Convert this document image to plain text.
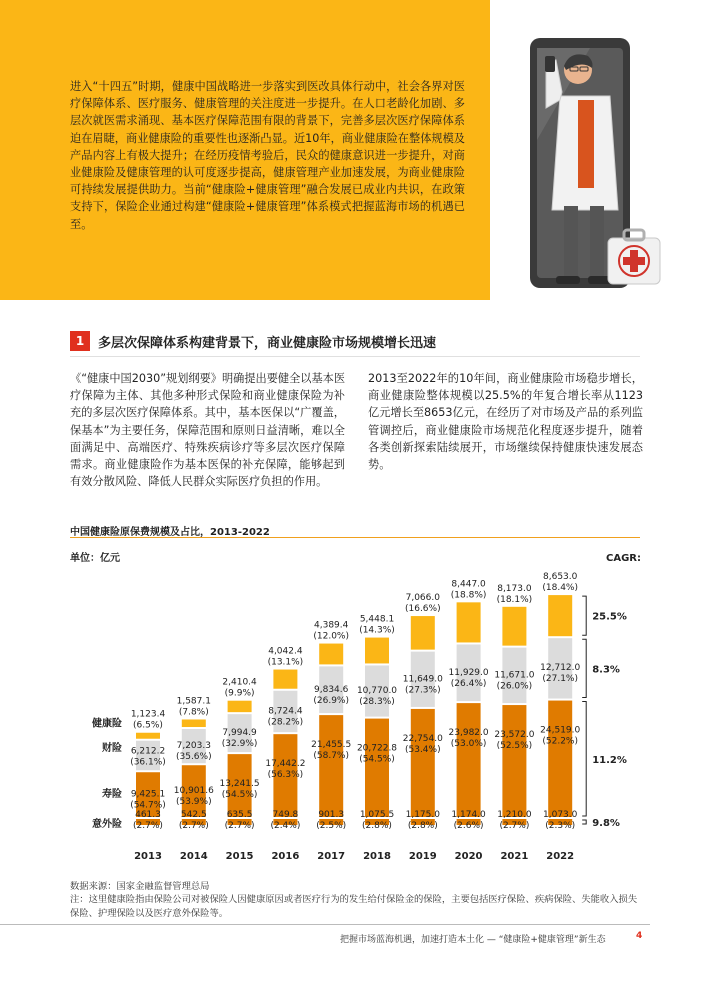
进入“十四五”时期，健康中国战略进一步落实到医改具体行动中，社会各界对医疗保障体系、医疗服务、健康管理的关注度进一步提升。在人口老龄化加剧、多层次就医需求涌现、基本医疗保障范围有限的背景下，完善多层次医疗保障体系迫在眉睫，商业健康险的重要性也逐渐凸显。近10年，商业健康险在整体规模及产品内容上有极大提升；在经历疫情考验后，民众的健康意识进一步提升，对商业健康险及健康管理的认可度逐步提高，健康管理产业加速发展，为商业健康险可持续发展提供助力。当前“健康险+健康管理”融合发展已成业内共识，在政策支持下，保险企业通过构建“健康险+健康管理”体系模式把握蓝海市场的机遇已至。

1	多层次保障体系构建背景下，商业健康险市场规模增长迅速

《“健康中国2030”规划纲要》明确提出要健全以基本医疗保障为主体、其他多种形式保险和商业健康保险为补充的多层次医疗保障体系。其中，基本医保以“广覆盖，保基本”为主要任务，保障范围和原则日益清晰，难以全面满足中、高端医疗、特殊疾病诊疗等多层次医疗保障需求。商业健康险作为基本医保的补充保障，能够起到有效分散风险、降低人民群众实际医疗负担的作用。

2013至2022年的10年间，商业健康险市场稳步增长，商业健康险整体规模以25.5%的年复合增长率从1123亿元增长至8653亿元，在经历了对市场及产品的系列监管调控后，商业健康险市场规范化程度逐步提升，随着各类创新探索陆续展开，市场继续保持健康快速发展态势。

中国健康险原保费规模及占比，2013-2022
单位：亿元	CAGR:
461.3
(2.7%)
9,425.1
(54.7%)
6,212.2
(36.1%)
1,123.4
(6.5%)
2013
542.5
(2.7%)
10,901.6
(53.9%)
7,203.3
(35.6%)
1,587.1
(7.8%)
2014
635.5
(2.7%)
13,241.5
(54.5%)
7,994.9
(32.9%)
2,410.4
(9.9%)
2015
749.8
(2.4%)
17,442.2
(56.3%)
8,724.4
(28.2%)
4,042.4
(13.1%)
2016
901.3
(2.5%)
21,455.5
(58.7%)
9,834.6
(26.9%)
4,389.4
(12.0%)
2017
1,075.5
(2.8%)
20,722.8
(54.5%)
10,770.0
(28.3%)
5,448.1
(14.3%)
2018
1,175.0
(2.8%)
22,754.0
(53.4%)
11,649.0
(27.3%)
7,066.0
(16.6%)
2019
1,174.0
(2.6%)
23,982.0
(53.0%)
11,929.0
(26.4%)
8,447.0
(18.8%)
2020
1,210.0
(2.7%)
23,572.0
(52.5%)
11,671.0
(26.0%)
8,173.0
(18.1%)
2021
1,073.0
(2.3%)
24,519.0
(52.2%)
12,712.0
(27.1%)
8,653.0
(18.4%)
2022
意外险
寿险
财险
健康险
9.8%
11.2%
8.3%
25.5%
数据来源：国家金融监督管理总局
注：这里健康险指由保险公司对被保险人因健康原因或者医疗行为的发生给付保险金的保险，主要包括医疗保险、疾病保险、失能收入损失保险、护理保险以及医疗意外保险等。
把握市场蓝海机遇，加速打造本土化 — “健康险+健康管理”新生态	4
